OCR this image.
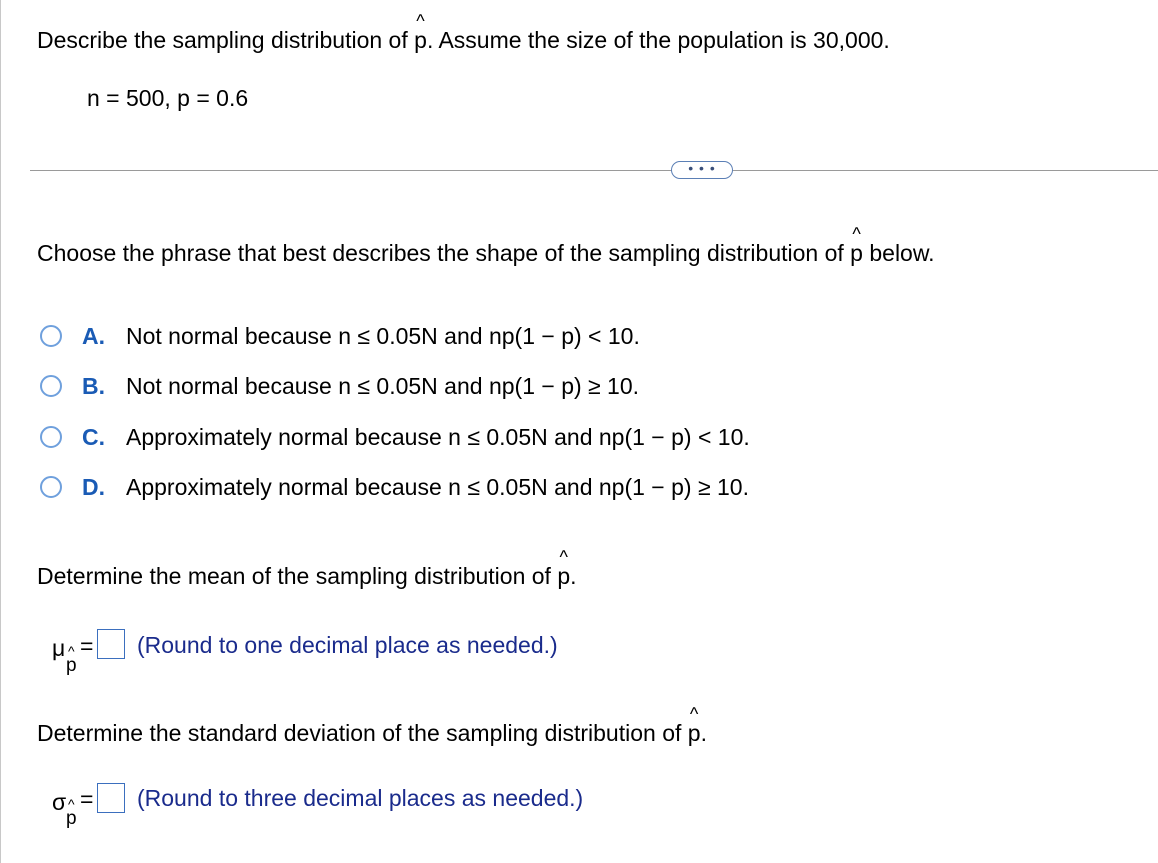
Describe the sampling distribution of
^
p. Assume the size of the population is 30,000.
n = 500, p = 0.6
• • •
Choose the phrase that best describes the shape of the sampling distribution of
^
p below.
A. Not normal because n ≤ 0.05N and np(1 − p) < 10.
B. Not normal because n ≤ 0.05N and np(1 − p) ≥ 10.
C. Approximately normal because n ≤ 0.05N and np(1 − p) < 10.
D. Approximately normal because n ≤ 0.05N and np(1 − p) ≥ 10.
Determine the mean of the sampling distribution of
^
p.
μ ^
p
= (Round to one decimal place as needed.)
Determine the standard deviation of the sampling distribution of
^
p.
σ ^
p
= (Round to three decimal places as needed.)
